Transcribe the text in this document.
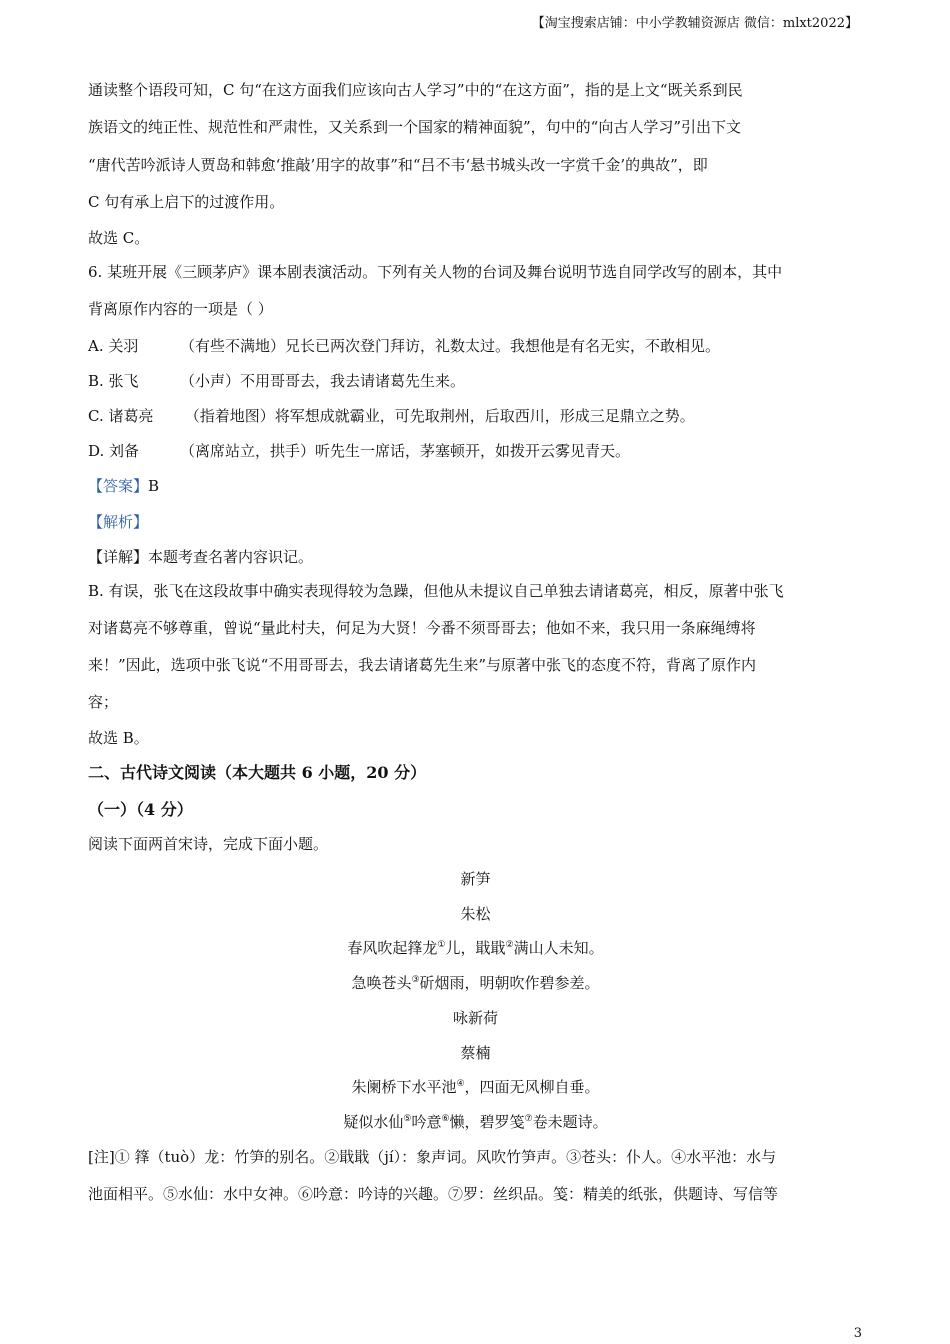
【淘宝搜索店铺：中小学教辅资源店 微信：mlxt2022】
通读整个语段可知，C 句“在这方面我们应该向古人学习”中的“在这方面”，指的是上文“既关系到民
族语文的纯正性、规范性和严肃性，又关系到一个国家的精神面貌”，句中的“向古人学习”引出下文
“唐代苦吟派诗人贾岛和韩愈‘推敲’用字的故事”和“吕不韦‘悬书城头改一字赏千金’的典故”，即
C 句有承上启下的过渡作用。
故选 C。
6. 某班开展《三顾茅庐》课本剧表演活动。下列有关人物的台词及舞台说明节选自同学改写的剧本，其中
背离原作内容的一项是（ ）
A. 关羽	（有些不满地）兄长已两次登门拜访，礼数太过。我想他是有名无实，不敢相见。
B. 张飞	（小声）不用哥哥去，我去请诸葛先生来。
C. 诸葛亮 （指着地图）将军想成就霸业，可先取荆州，后取西川，形成三足鼎立之势。
D. 刘备	（离席站立，拱手）听先生一席话，茅塞顿开，如拨开云雾见青天。
【答案】B
【解析】
【详解】本题考查名著内容识记。
B. 有误，张飞在这段故事中确实表现得较为急躁，但他从未提议自己单独去请诸葛亮，相反，原著中张飞
对诸葛亮不够尊重，曾说“量此村夫，何足为大贤！今番不须哥哥去；他如不来，我只用一条麻绳缚将
来！”因此，选项中张飞说“不用哥哥去，我去请诸葛先生来”与原著中张飞的态度不符，背离了原作内
容；
故选 B。
二、古代诗文阅读（本大题共 6 小题，20 分）
（一）（4 分）
阅读下面两首宋诗，完成下面小题。
新笋
朱松
春风吹起箨龙①儿，戢戢②满山人未知。
急唤苍头③斫烟雨，明朝吹作碧参差。
咏新荷
蔡楠
朱阑桥下水平池④，四面无风柳自垂。
疑似水仙⑤吟意⑥懒，碧罗笺⑦卷未题诗。
[注]① 箨（tuò）龙：竹笋的别名。②戢戢（jí）：象声词。风吹竹笋声。③苍头：仆人。④水平池：水与
池面相平。⑤水仙：水中女神。⑥吟意：吟诗的兴趣。⑦罗：丝织品。笺：精美的纸张，供题诗、写信等
3
